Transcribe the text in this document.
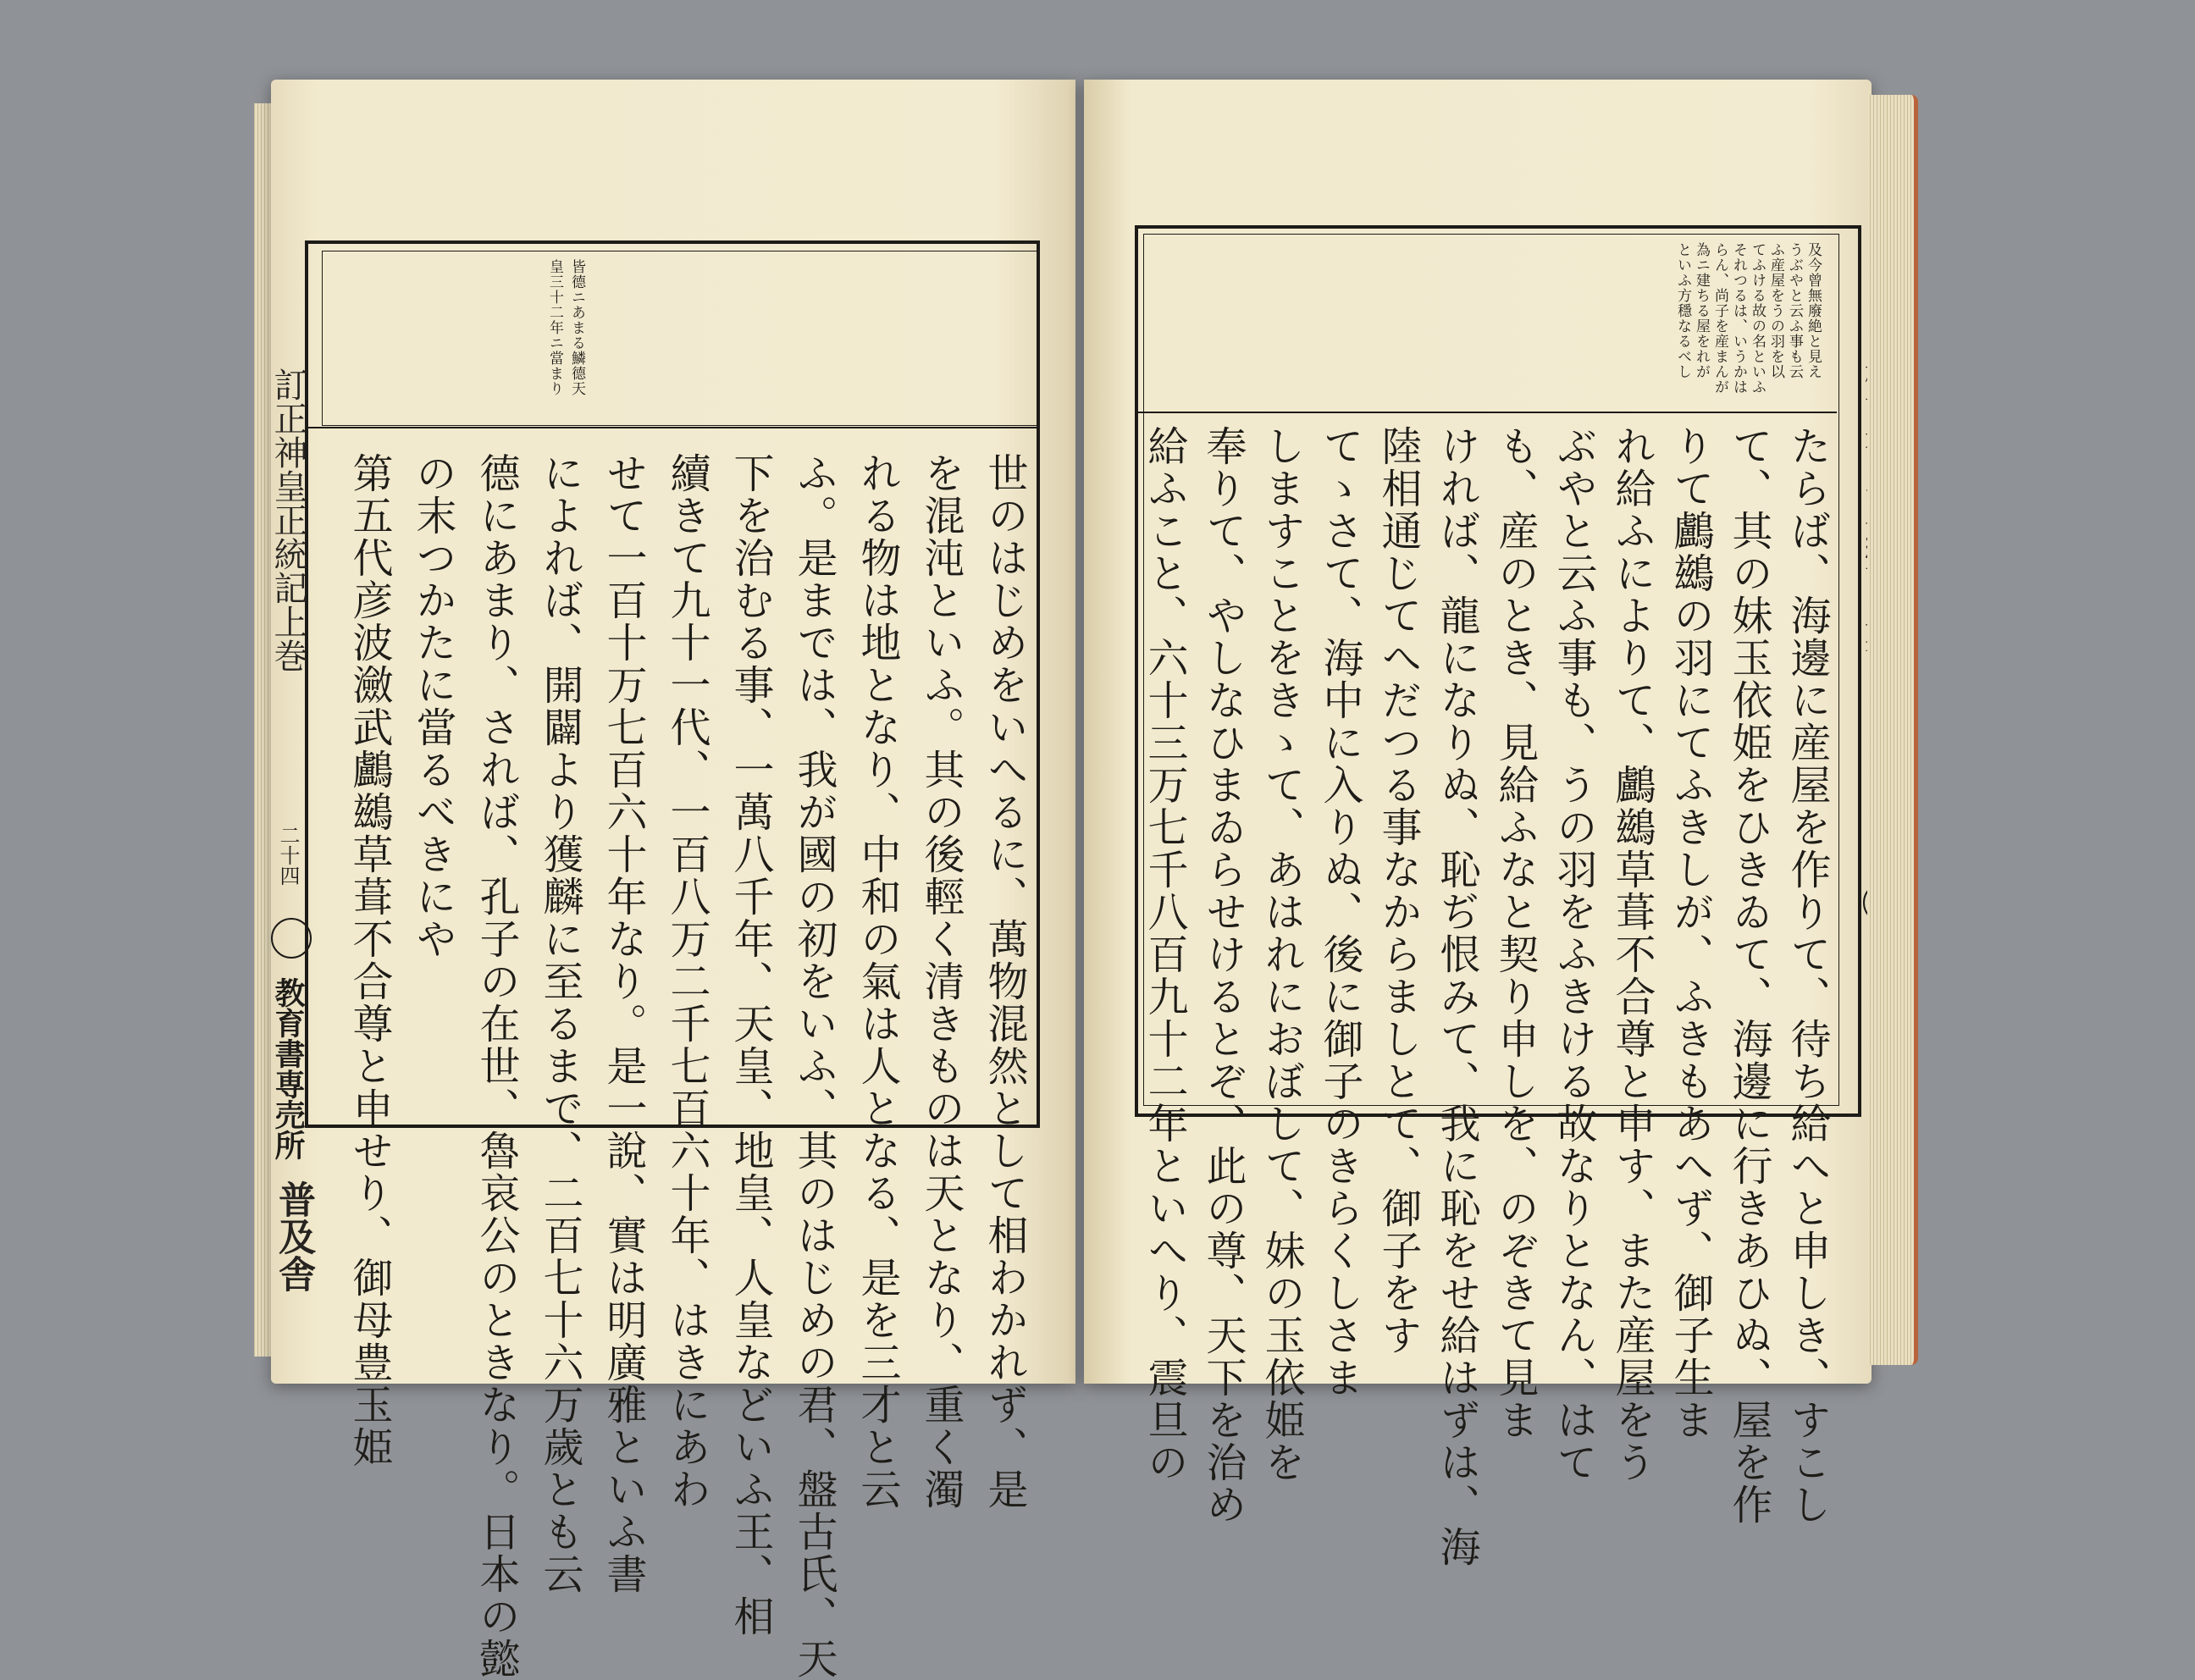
皆德ニあまる鱗德天
皇三十二年ニ當まり
世のはじめをいへるに、萬物混然として相わかれず、是
を混沌といふ。其の後輕く清きものは天となり、重く濁
れる物は地となり、中和の氣は人となる、是を三才と云
ふ。是までは、我が國の初をいふ、其のはじめの君、盤古氏、天
下を治むる事、一萬八千年、天皇、地皇、人皇などいふ王、相
續きて九十一代、一百八万二千七百六十年、はきにあわ
せて一百十万七百六十年なり。是一說、實は明廣雅といふ書
によれば、開闢より獲麟に至るまで、二百七十六万歲とも云
德にあまり、されば、孔子の在世、魯哀公のときなり。日本の懿
の末つかたに當るべきにや
第五代彦波瀲武鸕鷀草葺不合尊と申せり、御母豊玉姫
訂正神皇正統記上巻
二十四
教育書専売所
普及舎
及今曾無廢絶と見え
うぶやと云ふ事も云
ふ産屋をうの羽を以
てふける故の名といふ
それつるは、いうかは
らん、尚子を産まんが
為ニ建ちる屋をれが
といふ方穩なるべし
たらば、海邊に産屋を作りて、待ち給へと申しき、すこし
て、其の妹玉依姫をひきゐて、海邊に行きあひぬ、屋を作
りて鸕鷀の羽にてふきしが、ふきもあへず、御子生ま
れ給ふによりて、鸕鷀草葺不合尊と申す、また産屋をう
ぶやと云ふ事も、うの羽をふきける故なりとなん、はて
も、産のとき、見給ふなと契り申しを、のぞきて見ま
ければ、龍になりぬ、恥ぢ恨みて、我に恥をせ給はずは、海
陸相通じてへだつる事なからましとて、御子をす
てゝさて、海中に入りぬ、後に御子のきらくしさま
しますことをきゝて、あはれにおぼして、妹の玉依姫を
奉りて、やしなひまゐらせけるとぞ、此の尊、天下を治め
給ふこと、六十三万七千八百九十二年といへり、震旦の
